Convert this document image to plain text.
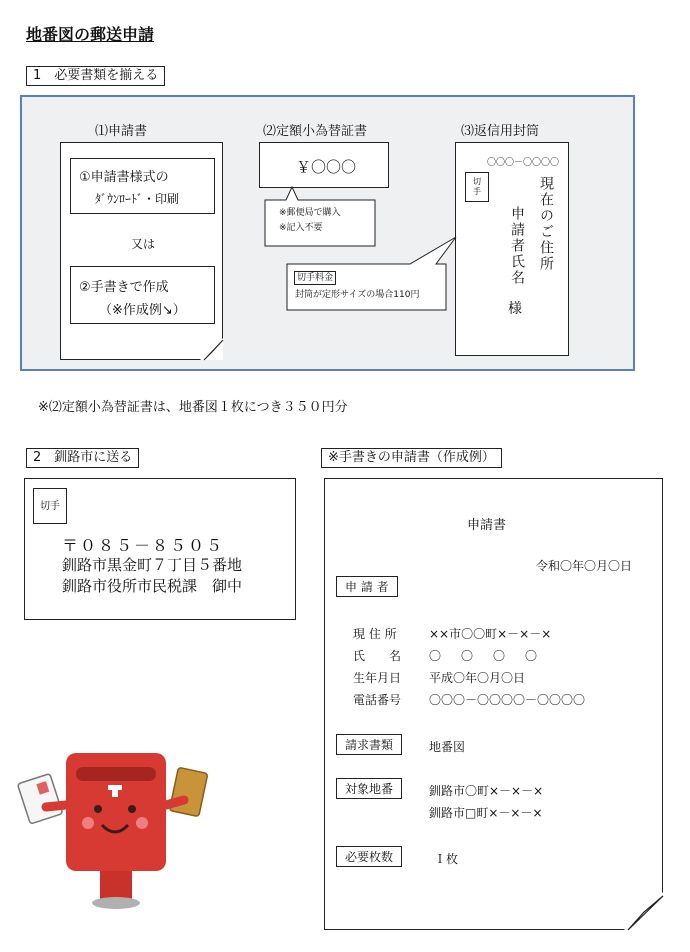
地番図の郵送申請
1　必要書類を揃える
⑴申請書
①申請書様式の
ﾀﾞｳﾝﾛｰﾄﾞ・印刷
又は
②手書きで作成
（※作成例↘）
⑵定額小為替証書
￥〇〇〇
※郵便局で購入
※記入不要
⑶返信用封筒
〇〇〇－〇〇〇〇
切手	現在のご住所
申請者氏名
様
切手料金
封筒が定形サイズの場合110円
※⑵定額小為替証書は、地番図１枚につき３５０円分
2　釧路市に送る
切手
〒０８５－８５０５
釧路市黒金町７丁目５番地
釧路市役所市民税課　御中
※手書きの申請書（作成例）
申請書
令和〇年〇月〇日
申 請 者
現 住 所	××市〇〇町×－×－×
氏　　名 〇　〇　〇　〇
生年月日 平成〇年〇月〇日
電話番号 〇〇〇－〇〇〇〇－〇〇〇〇
請求書類	地番図
対象地番	釧路市〇町×－×－×
釧路市□町×－×－×
必要枚数	Ｉ枚
